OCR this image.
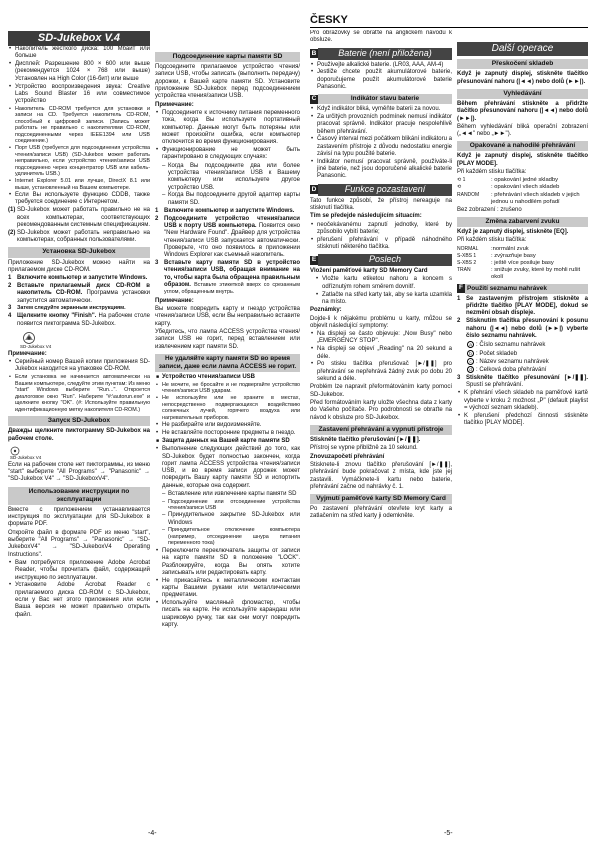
SD-Jukebox V.4
• Накопитель жесткого диска: 100 Мбайт или больше
• Дисплей: Разрешение 800 × 600 или выше (рекомендуется 1024 × 768 или выше) Установлен на High Color (16-бит) или выше
• Устройство воспроизведения звука: Creative Labs Sound Blaster 16 или совместимое устройство
• Накопитель CD-ROM требуется для установки и записи на CD. Требуется накопитель CD-ROM, способный к цифровой записи. (Запись может работать не правильно с накопителями CD-ROM, подсоединенными через IEEE1394 или USB соединение.)
• Порт USB (требуется для подсоединения устройства чтения/записи USB) (SD-Jukebox может работать неправильно, если устройство чтения/записи USB подсоединено через концентратор USB или кабель-удлинитель USB.)
• Internet Explorer 5.01 или лучше, DirectX 8.1 или выше, установленный на Вашем компьютере.
• Если Вы используете функцию CDDB, также требуется соединение с Интернетом.
(1) SD-Jukebox может работать правильно не на всех компьютерах, соответствующих рекомендованным системным спецификациям.
(2) SD-Jukebox может работать неправильно на компьютерах, собранных пользователями.
Установка SD-Jukebox

Приложение SD-Jukebox можно найти на прилагаемом диске CD-ROM.

1 Включите компьютер и запустите Windows.
2 Вставьте прилагаемый диск CD-ROM в накопитель CD-ROM. Программа установки запустится автоматически.
3 Затем следуйте экранным инструкциям.
4 Щелкните кнопку "Finish". На рабочем столе появится пиктограмма SD-Jukebox.
SD-Jukebox V4

Примечание:

• Серийный номер Вашей копии приложения SD-Jukebox находится на упаковке CD-ROM.
• Если установка не начинается автоматически на Вашем компьютере, следуйте этим пунктам: Из меню "start" Windows выберите "Run...". Откроется диалоговое окно "Run". Наберите "#:\autorun.exe" и щелкните кнопку "OK". (#: Используйте правильную идентификационную метку накопителя CD-ROM.)
Запуск SD-Jukebox

Дважды щелкните пиктограмму SD-Jukebox на рабочем столе.

SD-Jukebox V4

Если на рабочем столе нет пиктограммы, из меню "start" выберите "All Programs" → "Panasonic" → "SD-Jukebox V4" → "SD-JukeboxV4".

Использование инструкции по эксплуатации

Вместе с приложением устанавливается инструкция по эксплуатации для SD-Jukebox в формате PDF.

Откройте файл в формате PDF из меню "start", выберите "All Programs" → "Panasonic" → "SD-JukeboxV4" → "SD-JukeboxV4 Operating Instructions".

• Вам потребуется приложение Adobe Acrobat Reader, чтобы прочитать файл, содержащий инструкцию по эксплуатации.
• Установите Adobe Acrobat Reader с прилагаемого диска CD-ROM с SD-Jukebox, если у Вас нет этого приложения или если Ваша версия не может правильно открыть файл.
Подсоединение карты памяти SD

Подсоедините прилагаемое устройство чтения/записи USB, чтобы записать (выполнить передачу) дорожки, к Вашей карте памяти SD. Установите приложение SD-Jukebox перед подсоединением устройства чтения/записи USB.

Примечание:

• Подсоедините к источнику питания переменного тока, когда Вы используете портативный компьютер. Данные могут быть потеряны или может произойти ошибка, если компьютер отключится во время функционирования.
• Функционирование не может быть гарантировано в следующих случаях:
– Когда Вы подсоедините два или более устройства чтения/записи USB к Вашему компьютеру или используете другое устройство USB.
– Когда Вы подсоедините другой адаптер карты памяти SD.
1 Включите компьютер и запустите Windows.
2 Подсоедините устройство чтения/записи USB к порту USB компьютера. Появится окно "New Hardware Found". Драйвер для устройства чтения/записи USB запускается автоматически. Проверьте, что оно появилось в приложении Windows Explorer как съемный накопитель.
3 Вставьте карту памяти SD в устройство чтения/записи USB, обращая внимание на то, чтобы карта была обращена правильным образом. Вставьте этикеткой вверх со срезанным углом, обращенным внутрь.

Примечание:

Вы можете повредить карту и гнездо устройства чтения/записи USB, если Вы неправильно вставите карту.

Убедитесь, что лампа ACCESS устройства чтения/записи USB не горит, перед вставлением или извлечением карт памяти SD.

Не удаляйте карту памяти SD во время записи, даже если лампа ACCESS не горит.
■ Устройство чтения/записи USB
• Не мочите, не бросайте и не подвергайте устройство чтения/записи USB ударам.
• Не используйте или не храните в местах, непосредственно подвергающихся воздействию солнечных лучей, горячего воздуха или нагревательных приборов.
• Не разбирайте или видоизменяйте.
• Не вставляйте посторонние предметы в гнездо.
■ Защита данных на Вашей карте памяти SD
• Выполнение следующих действий до того, как SD-Jukebox будет полностью закончен, когда горит лампа ACCESS устройства чтения/записи USB, и во время записи дорожек может повредить Вашу карту памяти SD и испортить данные, которые она содержит.
– Вставление или извлечение карты памяти SD
– Подсоединение или отсоединение устройства чтения/записи USB
– Принудительное закрытие SD-Jukebox или Windows
– Принудительное отключение компьютера (например, отсоединение шнура питания переменного тока)
• Переключите переключатель защиты от записи на карте памяти SD в положение "LOCK". Разблокируйте, когда Вы опять хотите записывать или редактировать карту.
• Не прикасайтесь к металлическим контактам карты Вашими руками или металлическими предметами.
• Используйте масляный фломастер, чтобы писать на карте. Не используйте карандаш или шариковую ручку, так как они могут повредить карту.
ČESKY

Pro obrazovky se obraťte na anglickém návodu k obsluze.

B	Baterie (není přiložena)
• Použivejte alkalické baterie. (LR03, AAA, AM-4)
• Jestliže chcete použít akumulátorové baterie, doporučujeme použít akumulátorové baterie Panasonic.
C	Indikátor stavu baterie
• Když indikátor bliká, vyměňte baterii za novou.
• Za určitých provozních podmínek nemusí indikátor pracovat správně. Indikátor pracuje nespolehlivě během přehrávání.
• Časový interval mezi počátkem blikání indikátoru a zastavením přístroje z důvodu nedostatku energie závisí na typu použité baterie.
• Indikátor nemusí pracovat správně, používáte-li jiné baterie, než jsou doporučené alkalické baterie Panasonic.
D	Funkce pozastavení

Tato funkce způsobí, že přístroj nereaguje na stisknutí tlačítka.

Tím se předejde následujícím situacím:

• neočekávanému zapnutí jednotky, které by způsobilo vybití baterie;
• přerušení přehrávání v případě náhodného stisknutí některého tlačítka.
E	Poslech

Vložení paměťové karty SD Memory Card

• Vložte kartu etiketou nahoru a koncem s odříznutým rohem směrem dovnitř.
• Zatlačte na střed karty tak, aby se karta uzamkla na místo.

Poznámky:

Dojde-li k nějakému problému u karty, můžou se objevit následující symptomy:

• Na displeji se často objevuje: „Now Busy" nebo „EMERGENCY STOP".
• Na displeji se objeví „Reading" na 20 sekund a déle.
• Po stisku tlačítka přerušovač [►/❚❚] pro přehrávání se nepřehrává žádný zvuk po dobu 20 sekund a déle.

Problém lze napravit přeformátováním karty pomocí SD-Jukebox.

Před formátováním karty uložte všechna data z karty do Vašeho počítače. Pro podrobnosti se obraťte na návod k obsluze pro SD-Jukebox.

Zastavení přehrávání a vypnutí přístroje

Stiskněte tlačítko přerušování [►/❚❚].

Přístroj se vypne přibližně za 10 sekund.

Znovuzapočetí přehrávání

Stisknete-li znovu tlačítko přerušování [►/❚❚], přehrávání bude pokračovat z místa, kde jste jej zastavili. Vymáčknete-li kartu nebo baterie, přehrávání začne od nahrávky č. 1.

Vyjmutí paměťové karty SD Memory Card

Po zastavení přehrávání otevřete kryt karty a zatlačením na střed karty ji odemkněte.

Další operace
Přeskočení skladeb

Když je zapnutý displej, stiskněte tlačítko přesunování nahoru (|◄◄) nebo dolů (►►|).

Vyhledávání

Během přehrávání stiskněte a přidržte tlačítko přesunování nahoru (|◄◄) nebo dolů (►►|).

Během vyhledávání bliká operační zobrazení („◄◄" nebo „►►").

Opakované a nahodilé přehrávání

Když je zapnutý displej, stiskněte tlačítko [PLAY MODE].

Při každém stisku tlačítka:

⟲ 1	: opakování jedné skladby
⟲	: opakování všech skladeb
RANDOM	: přehrávání všech skladeb v jejich jednou u nahodilém pořadí

Bez zobrazení : zrušeno

Změna zabarvení zvuku

Když je zapnutý displej, stiskněte [EQ].

Při každém stisku tlačítka:

NORMAL	:normální zvuk
S-XBS 1	: zvýrazňuje basy
S-XBS 2	: ještě více posiluje basy
TRAN	: snižuje zvuky, které by mohli rušit okolí
F Použití seznamu nahrávek
1 Se zastaveným přístrojem stiskněte a přidržte tlačítko [PLAY MODE], dokud se nezmění obsah displeje.
2 Stisknutím tlačítka přesunování k posunu nahoru (|◄◄) nebo dolů (►►|) vyberte číslo seznamu nahrávek.
a : Číslo seznamu nahrávek
b : Počet skladeb
c : Název seznamu nahrávek
d : Celková doba přehrávání
3 Stiskněte tlačítko přesunování [►/❚❚]. Spustí se přehrávání.
• K přehrání všech skladeb na paměťové kartě vyberte v kroku 2 možnost „P" (default playlist = výchozí seznam skladeb).
• K přerušení předchozí činnosti stiskněte tlačítko [PLAY MODE].
-4-	-5-
